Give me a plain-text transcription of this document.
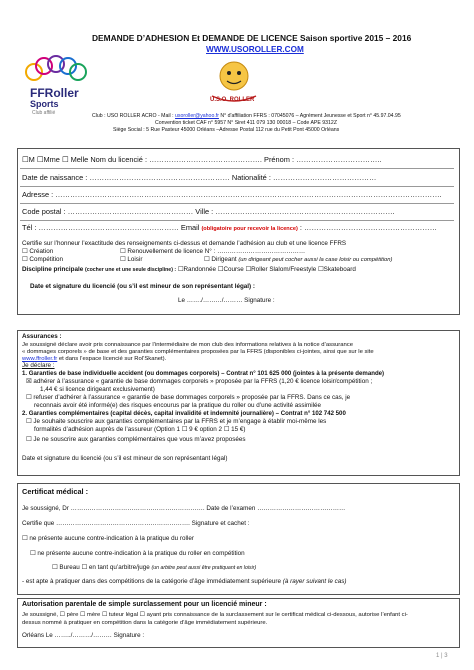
DEMANDE D’ADHESION Et DEMANDE DE LICENCE Saison sportive 2015 – 2016
WWW.USOROLLER.COM
FFRoller
Sports
Club affilié
U.S.O. ROLLER
Club : USO ROLLER ACRO - Mail : usoroller@yahoo.fr N° d'affiliation FFRS : 07045076 – Agrément Jeunesse et Sport n° 45.97.04.95
Convention ticket CAF n° 5957 N° Siret 411 079 130 00018 – Code APE 9312Z
Siège Social : 5 Rue Pasteur 45000 Orléans –Adresse Postal 112 rue du Petit Pont 45000 Orléans
☐M ☐Mme ☐ Melle Nom du licencié : ………………………………………. Prénom : ……………………………..
Date de naissance : ………………………………………………… Nationalité : ……………………………………
Adresse : ………………………………………………………………………………………………………………………………………….
Code postal : …………………………………………… Ville : ……………………………………………………………….
Tél : ………………………………………………… Email (obligatoire pour recevoir la licence) : ………………………………………………
Certifie sur l’honneur l’exactitude des renseignements ci-dessus et demande l’adhésion au club et une licence FFRS
☐ Création	☐ Renouvellement de licence N° : ……………………………………
☐ Compétition	☐ Loisir	☐ Dirigeant (un dirigeant peut cocher aussi la case loisir ou compétition)
Discipline principale (cocher une et une seule discipline) : ☐Randonnée ☐Course ☐Roller Slalom/Freestyle ☐Skateboard
Date et signature du licencié (ou s’il est mineur de son représentant légal) :
Le ……./………/……… Signature :
Assurances :
Je soussigné déclare avoir pris connaissance par l’intermédiaire de mon club des informations relatives à la notice d’assurance
« dommages corporels » de base et des garanties complémentaires proposées par la FFRS (disponibles ci-jointes, ainsi que sur le site
www.ffroller.fr et dans l’espace licencié sur Rol’Skanet).
Je déclare :
1. Garanties de base individuelle accident (ou dommages corporels) – Contrat n° 101 625 000 (jointes à la présente demande)
☒ adhérer à l’assurance « garantie de base dommages corporels » proposée par la FFRS (1,20 € licence loisir/compétition ;
1,44 € si licence dirigeant exclusivement)
☐ refuser d’adhérer à l’assurance « garantie de base dommages corporels » proposée par la FFRS. Dans ce cas, je
reconnais avoir été informé(e) des risques encourus par la pratique du roller ou d’une activité assimilée
2. Garanties complémentaires (capital décès, capital invalidité et indemnité journalière) – Contrat n° 102 742 500
☐ Je souhaite souscrire aux garanties complémentaires par la FFRS et je m’engage à établir moi-même les
formalités d’adhésion auprès de l’assureur (Option 1 ☐ 9 € option 2 ☐ 15 €)
☐ Je ne souscrire aux garanties complémentaires que vous m’avez proposées
Date et signature du licencié (ou s’il est mineur de son représentant légal)
Certificat médical :
Je soussigné, Dr ………………………………………………………. Date de l’examen ……………………………………
Certifie que ………………………………………………………. Signature et cachet :
☐ ne présente aucune contre-indication à la pratique du roller
☐ ne présente aucune contre-indication à la pratique du roller en compétition
☐ Bureau ☐ en tant qu’arbitre/juge (un arbitre peut aussi être pratiquant en loisir)
- est apte à pratiquer dans des compétitions de la catégorie d’âge immédiatement supérieure (à rayer suivant le cas)
Autorisation parentale de simple surclassement pour un licencié mineur :
Je soussigné, ☐ père ☐ mère ☐ tuteur légal ☐ ayant pris connaissance de la surclassement sur le certificat médical ci-dessous, autorise l’enfant ci-
dessus nommé à pratiquer en compétition dans la catégorie d’âge immédiatement supérieure.
Orléans Le ……../………/……… Signature :
1 | 3
